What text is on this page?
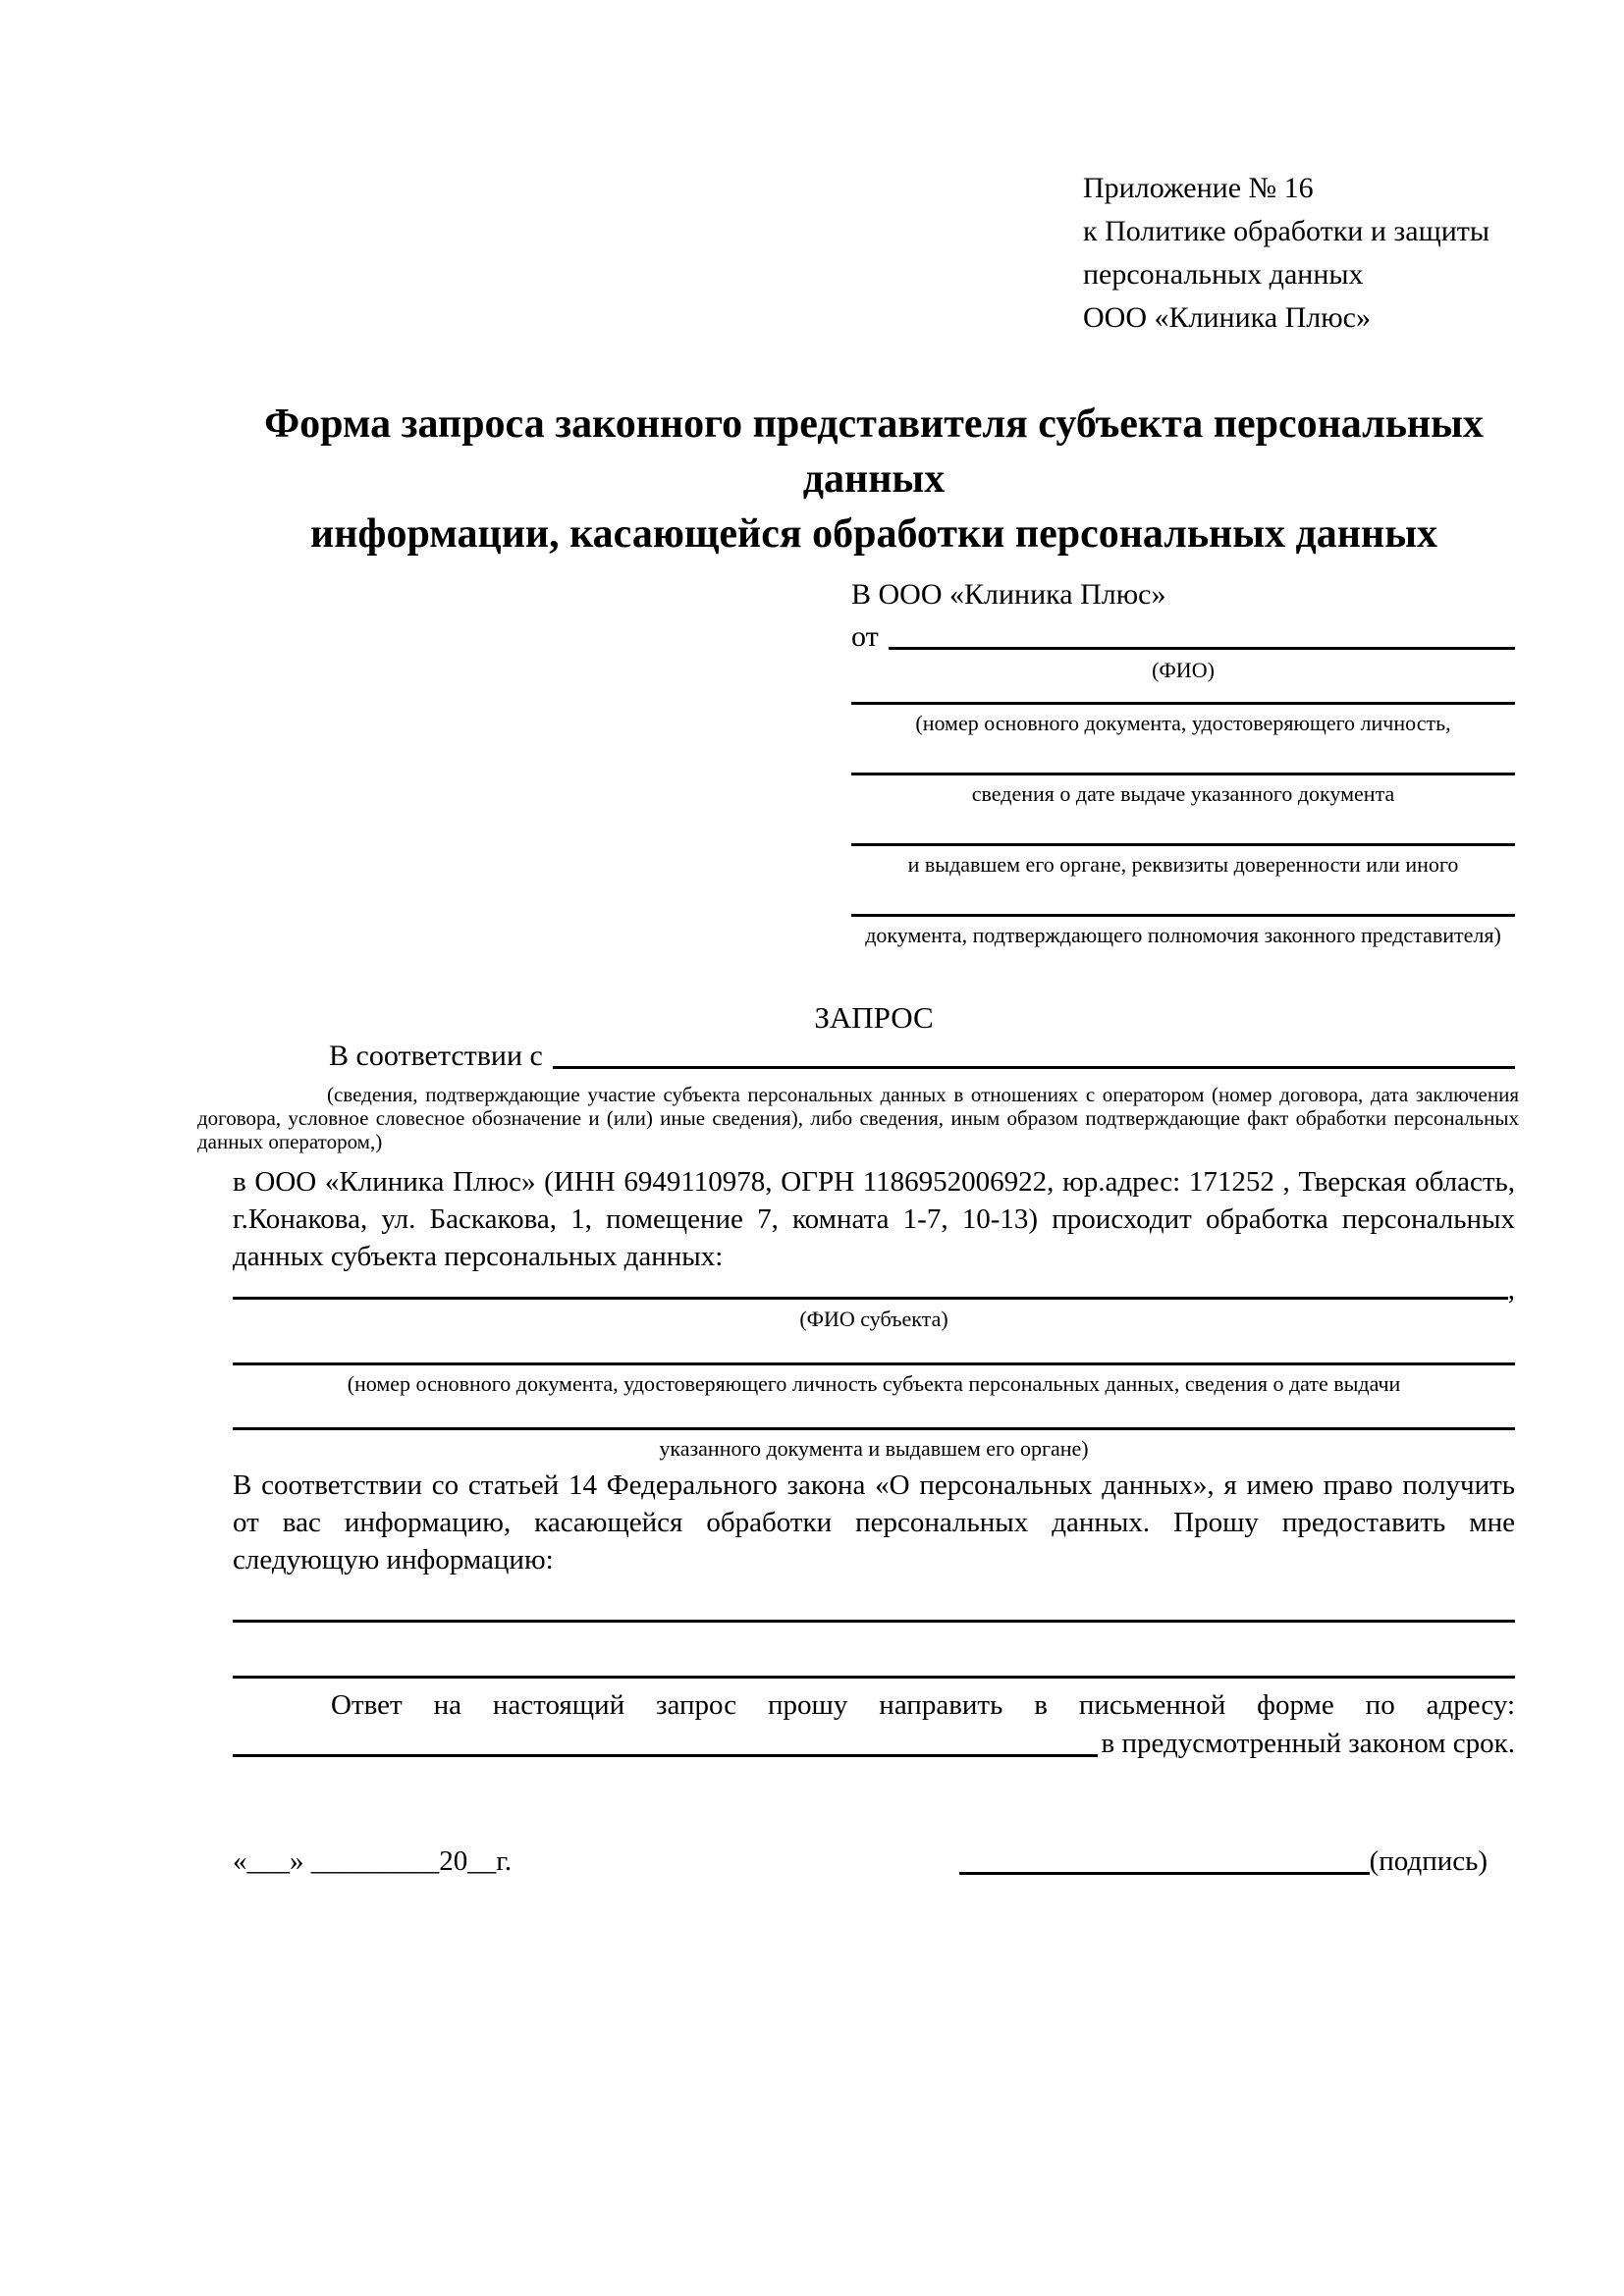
Приложение № 16
к Политике обработки и защиты
персональных данных
ООО «Клиника Плюс»
Форма запроса законного представителя субъекта персональных данных
информации, касающейся обработки персональных данных
В ООО «Клиника Плюс»
от
(ФИО)
(номер основного документа, удостоверяющего личность,
сведения о дате выдаче указанного документа
и выдавшем его органе, реквизиты доверенности или иного
документа, подтверждающего полномочия законного представителя)
ЗАПРОС
В соответствии с

(сведения, подтверждающие участие субъекта персональных данных в отношениях с оператором (номер договора, дата заключения договора, условное словесное обозначение и (или) иные сведения), либо сведения, иным образом подтверждающие факт обработки персональных данных оператором,)

в ООО «Клиника Плюс» (ИНН 6949110978, ОГРН 1186952006922, юр.адрес: 171252 , Тверская область, г.Конакова, ул. Баскакова, 1, помещение 7, комната 1-7, 10-13) происходит обработка персональных данных субъекта персональных данных:

,
(ФИО субъекта)
(номер основного документа, удостоверяющего личность субъекта персональных данных, сведения о дате выдачи
указанного документа и выдавшем его органе)

В соответствии со статьей 14 Федерального закона «О персональных данных», я имею право получить от вас информацию, касающейся обработки персональных данных. Прошу предоставить мне следующую информацию:

Ответ на настоящий запрос прошу направить в письменной форме по адресу:

в предусмотренный законом срок.
«___» _________20__г.	(подпись)
